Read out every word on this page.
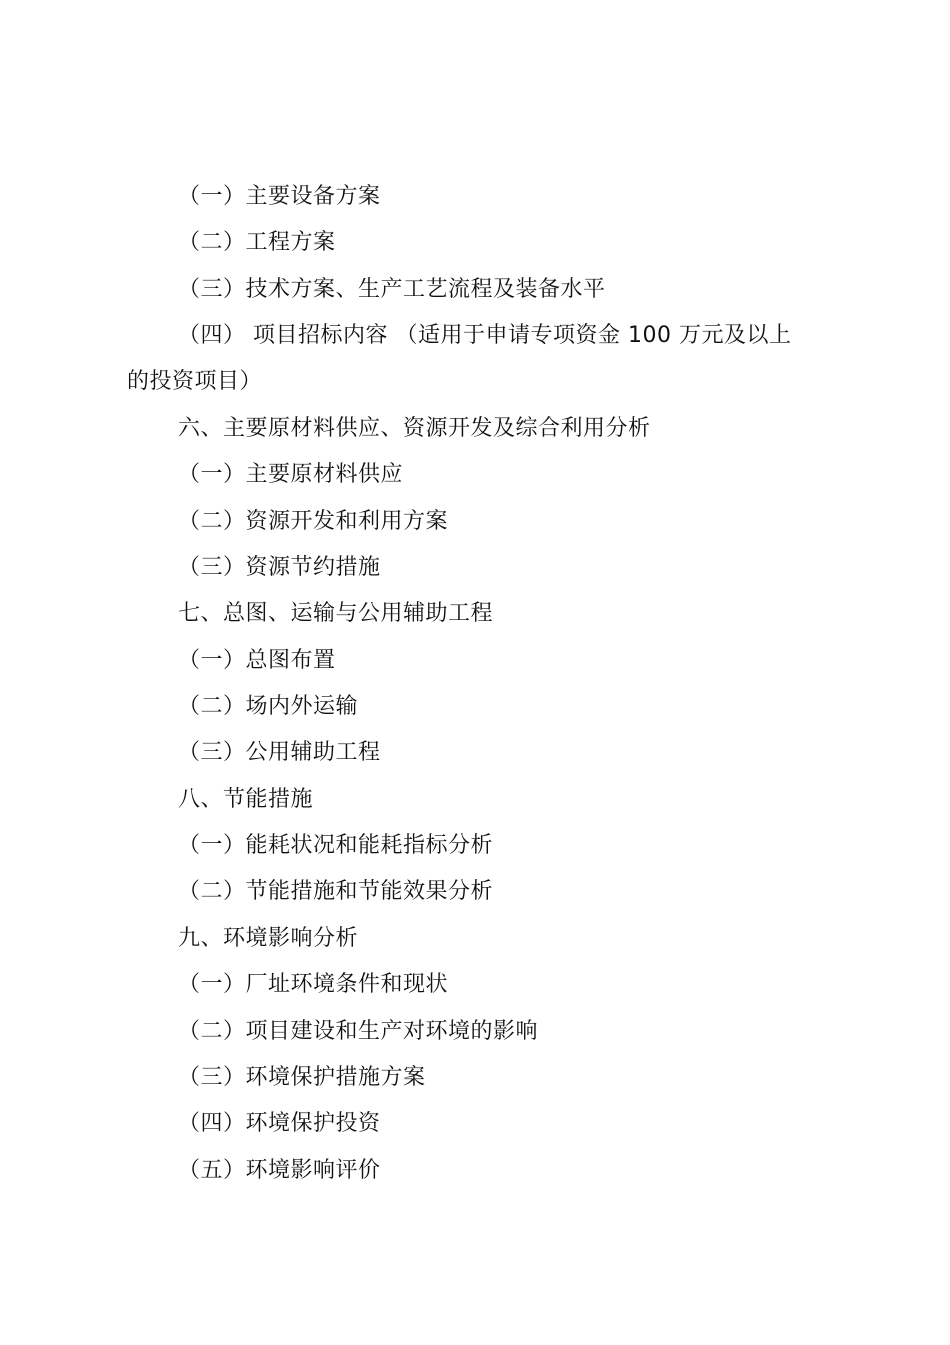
（一）主要设备方案
（二）工程方案
（三）技术方案、生产工艺流程及装备水平
（四） 项目招标内容 （适用于申请专项资金 100 万元及以上
的投资项目）
六、主要原材料供应、资源开发及综合利用分析
（一）主要原材料供应
（二）资源开发和利用方案
（三）资源节约措施
七、总图、运输与公用辅助工程
（一）总图布置
（二）场内外运输
（三）公用辅助工程
八、节能措施
（一）能耗状况和能耗指标分析
（二）节能措施和节能效果分析
九、环境影响分析
（一）厂址环境条件和现状
（二）项目建设和生产对环境的影响
（三）环境保护措施方案
（四）环境保护投资
（五）环境影响评价
